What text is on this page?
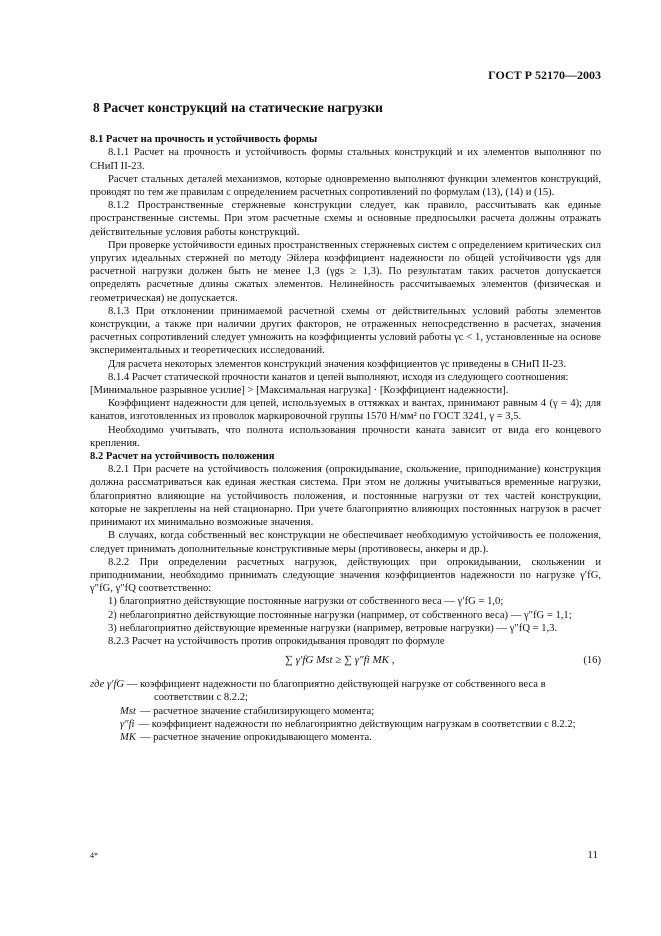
ГОСТ Р 52170—2003
8 Расчет конструкций на статические нагрузки

8.1 Расчет на прочность и устойчивость формы

8.1.1 Расчет на прочность и устойчивость формы стальных конструкций и их элементов выполняют по СНиП II-23.

Расчет стальных деталей механизмов, которые одновременно выполняют функции элементов конструкций, проводят по тем же правилам с определением расчетных сопротивлений по формулам (13), (14) и (15).

8.1.2 Пространственные стержневые конструкции следует, как правило, рассчитывать как единые пространственные системы. При этом расчетные схемы и основные предпосылки расчета должны отражать действительные условия работы конструкций.

При проверке устойчивости единых пространственных стержневых систем с определением критических сил упругих идеальных стержней по методу Эйлера коэффициент надежности по общей устойчивости γgs для расчетной нагрузки должен быть не менее 1,3 (γgs ≥ 1,3). По результатам таких расчетов допускается определять расчетные длины сжатых элементов. Нелинейность рассчитываемых элементов (физическая и геометрическая) не допускается.

8.1.3 При отклонении принимаемой расчетной схемы от действительных условий работы элементов конструкции, а также при наличии других факторов, не отраженных непосредственно в расчетах, значения расчетных сопротивлений следует умножить на коэффициенты условий работы γc < 1, установленные на основе экспериментальных и теоретических исследований.

Для расчета некоторых элементов конструкций значения коэффициентов γc приведены в СНиП II-23.

8.1.4 Расчет статической прочности канатов и цепей выполняют, исходя из следующего соотношения:

[Минимальное разрывное усилие] > [Максимальная нагрузка] · [Коэффициент надежности].

Коэффициент надежности для цепей, используемых в оттяжках и вантах, принимают равным 4 (γ = 4); для канатов, изготовленных из проволок маркировочной группы 1570 Н/мм² по ГОСТ 3241, γ = 3,5.

Необходимо учитывать, что полнота использования прочности каната зависит от вида его концевого крепления.

8.2 Расчет на устойчивость положения

8.2.1 При расчете на устойчивость положения (опрокидывание, скольжение, приподнимание) конструкция должна рассматриваться как единая жесткая система. При этом не должны учитываться временные нагрузки, благоприятно влияющие на устойчивость положения, и постоянные нагрузки от тех частей конструкции, которые не закреплены на ней стационарно. При учете благоприятно влияющих постоянных нагрузок в расчет принимают их минимально возможные значения.

В случаях, когда собственный вес конструкции не обеспечивает необходимую устойчивость ее положения, следует принимать дополнительные конструктивные меры (противовесы, анкеры и др.).

8.2.2 При определении расчетных нагрузок, действующих при опрокидывании, скольжении и приподнимании, необходимо принимать следующие значения коэффициентов надежности по нагрузке γ′fG, γ″fG, γ″fQ соответственно:

1) благоприятно действующие постоянные нагрузки от собственного веса — γ′fG = 1,0;

2) неблагоприятно действующие постоянные нагрузки (например, от собственного веса) — γ″fG = 1,1;

3) неблагоприятно действующие временные нагрузки (например, ветровые нагрузки) — γ″fQ = 1,3.

8.2.3 Расчет на устойчивость против опрокидывания проводят по формуле

∑ γ′fG Mst ≥ ∑ γ″fi MK ,	(16)
где γ′fG — коэффициент надежности по благоприятно действующей нагрузке от собственного веса в соответствии с 8.2.2;
Mst — расчетное значение стабилизирующего момента;
γ″fi — коэффициент надежности по неблагоприятно действующим нагрузкам в соответствии с 8.2.2;
MK — расчетное значение опрокидывающего момента.
4*	11
